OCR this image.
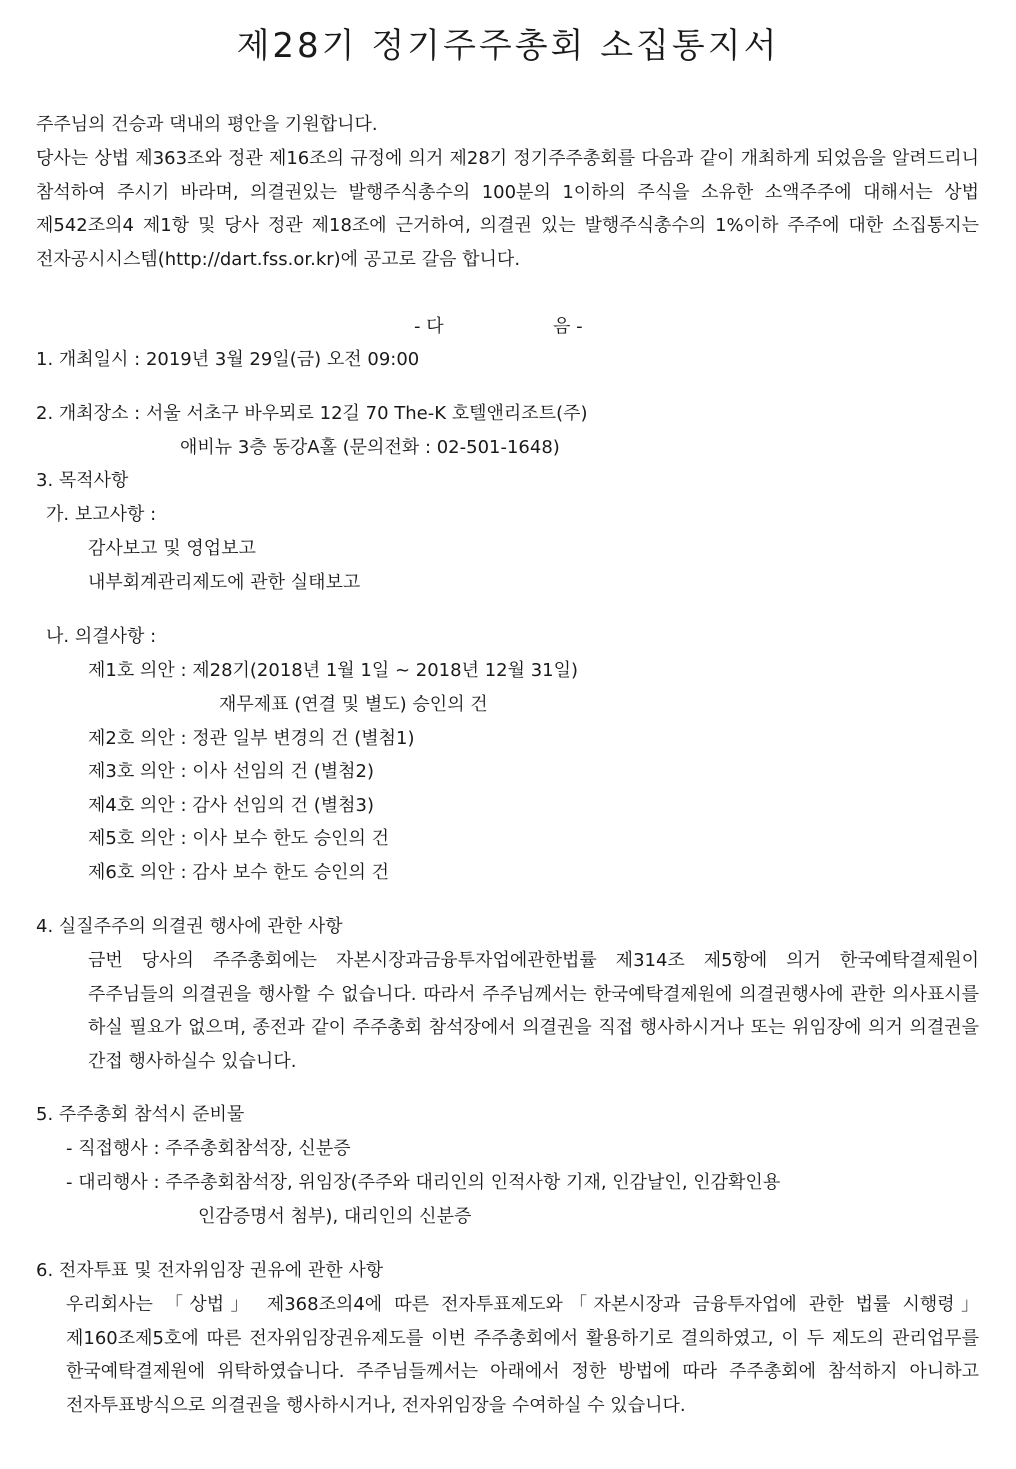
제28기 정기주주총회 소집통지서

주주님의 건승과 댁내의 평안을 기원합니다.

당사는 상법 제363조와 정관 제16조의 규정에 의거 제28기 정기주주총회를 다음과 같이 개최하게 되었음을 알려드리니 참석하여 주시기 바라며, 의결권있는 발행주식총수의 100분의 1이하의 주식을 소유한 소액주주에 대해서는 상법 제542조의4 제1항 및 당사 정관 제18조에 근거하여, 의결권 있는 발행주식총수의 1%이하 주주에 대한 소집통지는 전자공시시스템(http://dart.fss.or.kr)에 공고로 갈음 합니다.

- 다	음 -
1. 개최일시 : 2019년 3월 29일(금) 오전 09:00
2. 개최장소 : 서울 서초구 바우뫼로 12길 70 The-K 호텔앤리조트(주)
애비뉴 3층 동강A홀 (문의전화 : 02-501-1648)
3. 목적사항
가. 보고사항 :
감사보고 및 영업보고
내부회계관리제도에 관한 실태보고
나. 의결사항 :
제1호 의안 : 제28기(2018년 1월 1일 ~ 2018년 12월 31일)
재무제표 (연결 및 별도) 승인의 건
제2호 의안 : 정관 일부 변경의 건 (별첨1)
제3호 의안 : 이사 선임의 건 (별첨2)
제4호 의안 : 감사 선임의 건 (별첨3)
제5호 의안 : 이사 보수 한도 승인의 건
제6호 의안 : 감사 보수 한도 승인의 건
4. 실질주주의 의결권 행사에 관한 사항

금번 당사의 주주총회에는 자본시장과금융투자업에관한법률 제314조 제5항에 의거 한국예탁결제원이 주주님들의 의결권을 행사할 수 없습니다. 따라서 주주님께서는 한국예탁결제원에 의결권행사에 관한 의사표시를 하실 필요가 없으며, 종전과 같이 주주총회 참석장에서 의결권을 직접 행사하시거나 또는 위임장에 의거 의결권을 간접 행사하실수 있습니다.

5. 주주총회 참석시 준비물
- 직접행사 : 주주총회참석장, 신분증
- 대리행사 : 주주총회참석장, 위임장(주주와 대리인의 인적사항 기재, 인감날인, 인감확인용
인감증명서 첨부), 대리인의 신분증
6. 전자투표 및 전자위임장 권유에 관한 사항

우리회사는 「상법」 제368조의4에 따른 전자투표제도와「자본시장과 금융투자업에 관한 법률 시행령」 제160조제5호에 따른 전자위임장권유제도를 이번 주주총회에서 활용하기로 결의하였고, 이 두 제도의 관리업무를 한국예탁결제원에 위탁하였습니다. 주주님들께서는 아래에서 정한 방법에 따라 주주총회에 참석하지 아니하고 전자투표방식으로 의결권을 행사하시거나, 전자위임장을 수여하실 수 있습니다.
